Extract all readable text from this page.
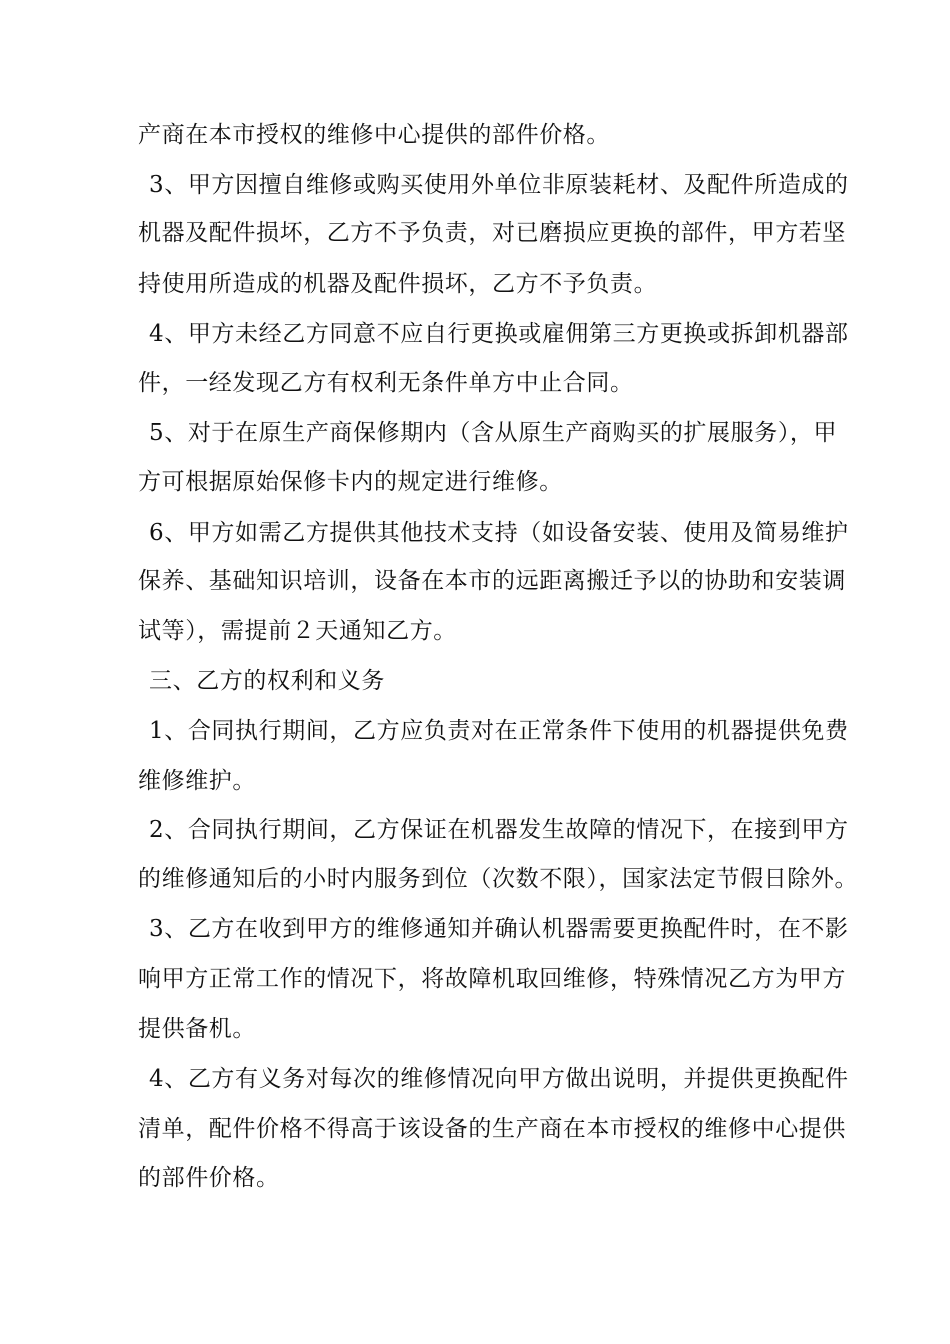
产商在本市授权的维修中心提供的部件价格。

3、甲方因擅自维修或购买使用外单位非原装耗材、及配件所造成的

机器及配件损坏，乙方不予负责，对已磨损应更换的部件，甲方若坚

持使用所造成的机器及配件损坏，乙方不予负责。

4、甲方未经乙方同意不应自行更换或雇佣第三方更换或拆卸机器部

件，一经发现乙方有权利无条件单方中止合同。

5、对于在原生产商保修期内（含从原生产商购买的扩展服务），甲

方可根据原始保修卡内的规定进行维修。

6、甲方如需乙方提供其他技术支持（如设备安装、使用及简易维护

保养、基础知识培训，设备在本市的远距离搬迁予以的协助和安装调

试等），需提前２天通知乙方。

三、乙方的权利和义务

1、合同执行期间，乙方应负责对在正常条件下使用的机器提供免费

维修维护。

2、合同执行期间，乙方保证在机器发生故障的情况下，在接到甲方

的维修通知后的小时内服务到位（次数不限），国家法定节假日除外。

3、乙方在收到甲方的维修通知并确认机器需要更换配件时，在不影

响甲方正常工作的情况下，将故障机取回维修，特殊情况乙方为甲方

提供备机。

4、乙方有义务对每次的维修情况向甲方做出说明，并提供更换配件

清单，配件价格不得高于该设备的生产商在本市授权的维修中心提供

的部件价格。
